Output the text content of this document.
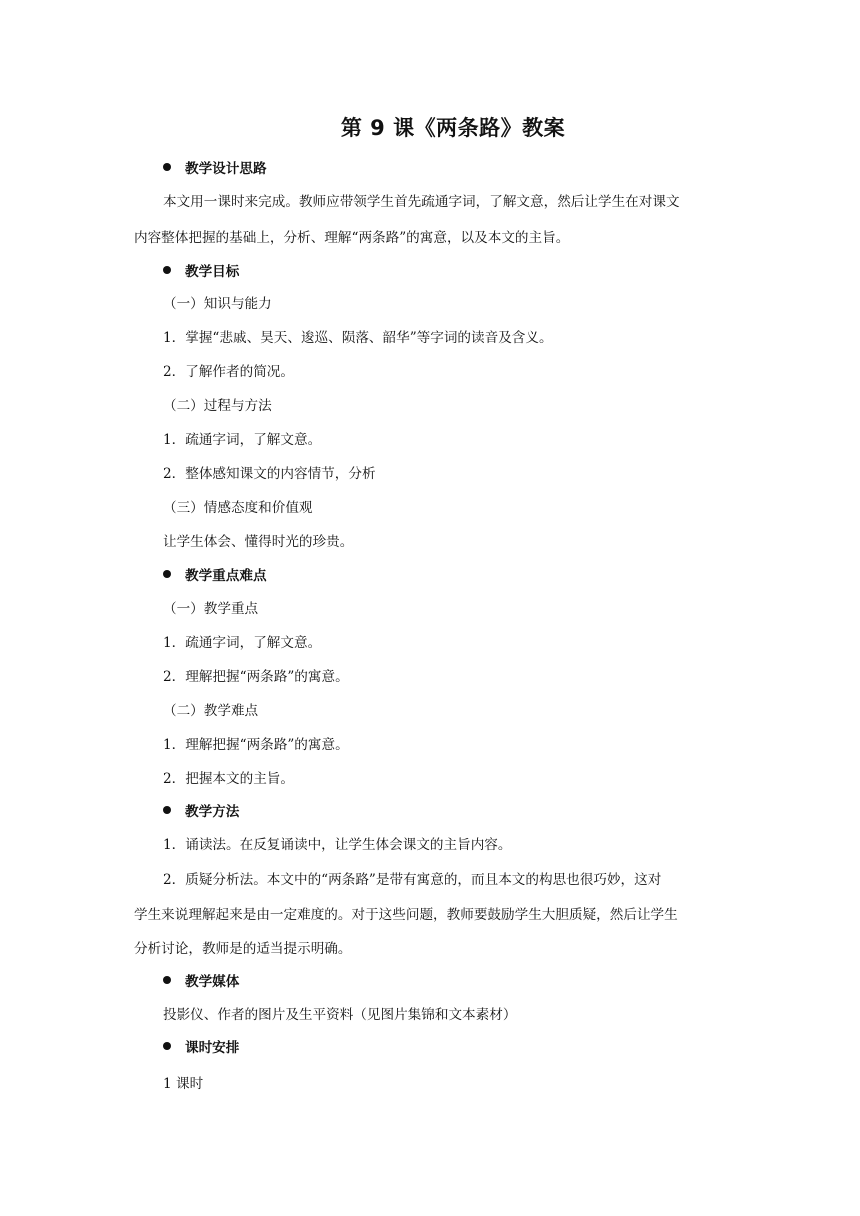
第 9 课《两条路》教案
教学设计思路
本文用一课时来完成。教师应带领学生首先疏通字词，了解文意，然后让学生在对课文
内容整体把握的基础上，分析、理解“两条路”的寓意，以及本文的主旨。
教学目标
（一）知识与能力
1．掌握“悲戚、昊天、逡巡、陨落、韶华”等字词的读音及含义。
2．了解作者的简况。
（二）过程与方法
1．疏通字词，了解文意。
2．整体感知课文的内容情节，分析
（三）情感态度和价值观
让学生体会、懂得时光的珍贵。
教学重点难点
（一）教学重点
1．疏通字词，了解文意。
2．理解把握“两条路”的寓意。
（二）教学难点
1．理解把握“两条路”的寓意。
2．把握本文的主旨。
教学方法
1．诵读法。在反复诵读中，让学生体会课文的主旨内容。
2．质疑分析法。本文中的“两条路”是带有寓意的，而且本文的构思也很巧妙，这对
学生来说理解起来是由一定难度的。对于这些问题，教师要鼓励学生大胆质疑，然后让学生
分析讨论，教师是的适当提示明确。
教学媒体
投影仪、作者的图片及生平资料（见图片集锦和文本素材）
课时安排
1 课时
